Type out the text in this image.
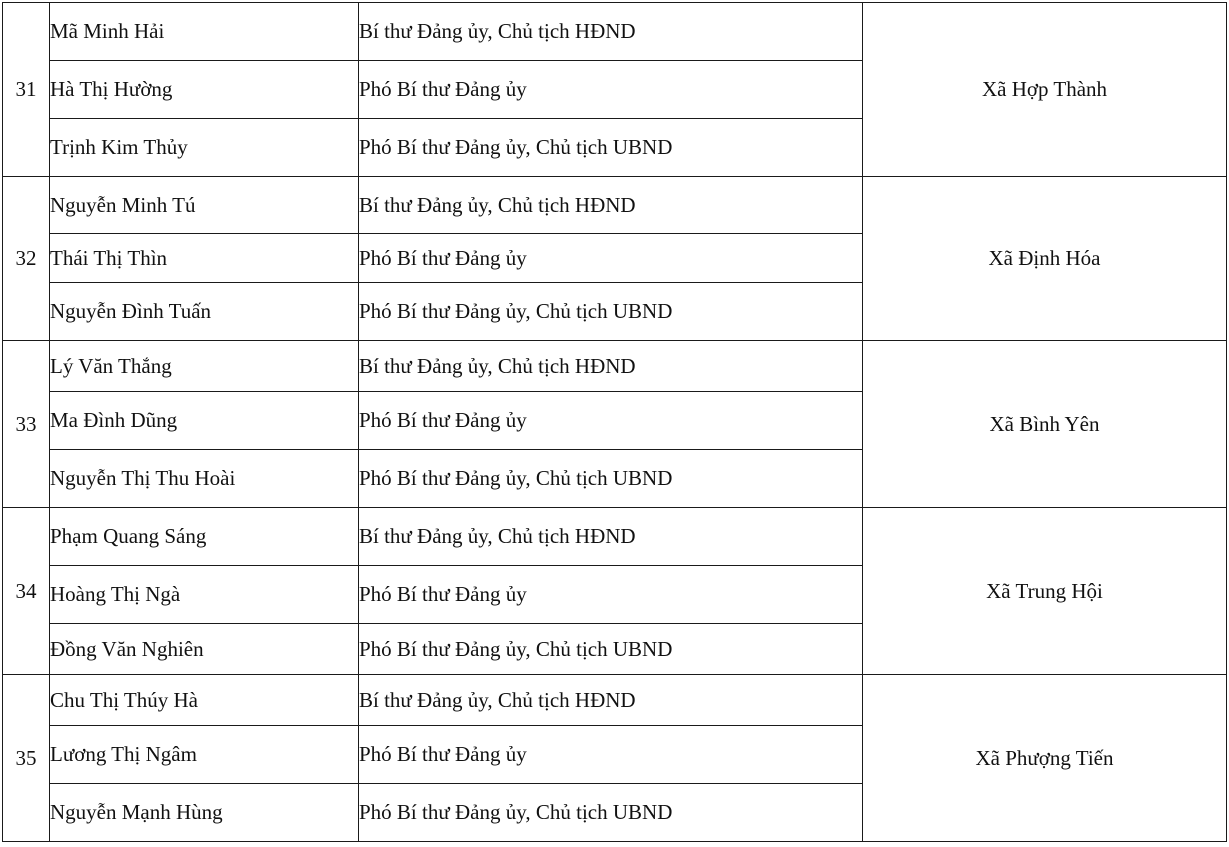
31	Mã Minh Hải	Bí thư Đảng ủy, Chủ tịch HĐND	Xã Hợp Thành
	Hà Thị Hường	Phó Bí thư Đảng ủy	
	Trịnh Kim Thủy	Phó Bí thư Đảng ủy, Chủ tịch UBND	
32	Nguyễn Minh Tú	Bí thư Đảng ủy, Chủ tịch HĐND	Xã Định Hóa
	Thái Thị Thìn	Phó Bí thư Đảng ủy	
	Nguyễn Đình Tuấn	Phó Bí thư Đảng ủy, Chủ tịch UBND	
33	Lý Văn Thắng	Bí thư Đảng ủy, Chủ tịch HĐND	Xã Bình Yên
	Ma Đình Dũng	Phó Bí thư Đảng ủy	
	Nguyễn Thị Thu Hoài	Phó Bí thư Đảng ủy, Chủ tịch UBND	
34	Phạm Quang Sáng	Bí thư Đảng ủy, Chủ tịch HĐND	Xã Trung Hội
	Hoàng Thị Ngà	Phó Bí thư Đảng ủy	
	Đồng Văn Nghiên	Phó Bí thư Đảng ủy, Chủ tịch UBND	
35	Chu Thị Thúy Hà	Bí thư Đảng ủy, Chủ tịch HĐND	Xã Phượng Tiến
	Lương Thị Ngâm	Phó Bí thư Đảng ủy	
	Nguyễn Mạnh Hùng	Phó Bí thư Đảng ủy, Chủ tịch UBND	
